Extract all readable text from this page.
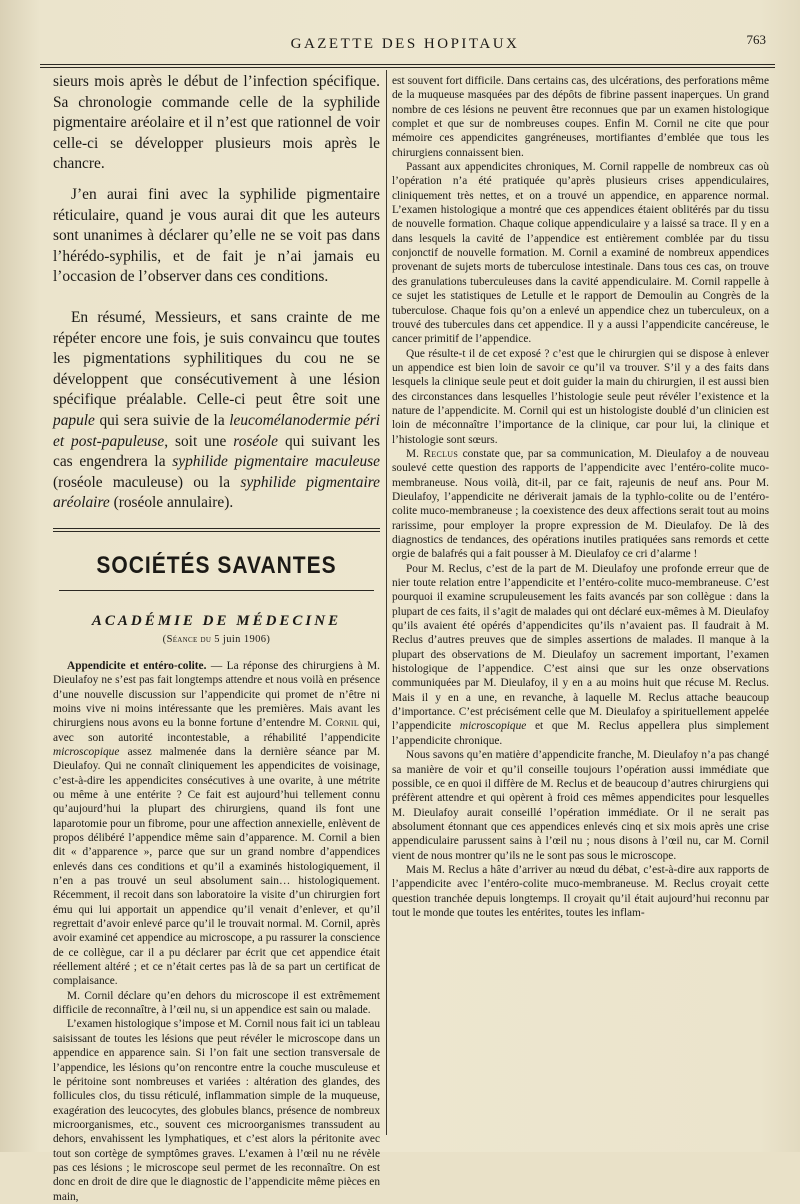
GAZETTE DES HOPITAUX	763

sieurs mois après le début de l’infection spécifique. Sa chronologie commande celle de la syphilide pigmentaire aréolaire et il n’est que rationnel de voir celle-ci se développer plusieurs mois après le chancre.

J’en aurai fini avec la syphilide pigmentaire réticulaire, quand je vous aurai dit que les auteurs sont unanimes à déclarer qu’elle ne se voit pas dans l’hérédo-syphilis, et de fait je n’ai jamais eu l’occasion de l’observer dans ces conditions.

En résumé, Messieurs, et sans crainte de me répéter encore une fois, je suis convaincu que toutes les pigmentations syphilitiques du cou ne se développent que consécutivement à une lésion spécifique préalable. Celle-ci peut être soit une papule qui sera suivie de la leucomélanodermie péri et post-papuleuse, soit une roséole qui suivant les cas engendrera la syphilide pigmentaire maculeuse (roséole maculeuse) ou la syphilide pigmentaire aréolaire (roséole annulaire).

SOCIÉTÉS SAVANTES
ACADÉMIE DE MÉDECINE
(Séance du 5 juin 1906)

Appendicite et entéro-colite. — La réponse des chirurgiens à M. Dieulafoy ne s’est pas fait longtemps attendre et nous voilà en présence d’une nouvelle discussion sur l’appendicite qui promet de n’être ni moins vive ni moins intéressante que les premières. Mais avant les chirurgiens nous avons eu la bonne fortune d’entendre M. Cornil qui, avec son autorité incontestable, a réhabilité l’appendicite microscopique assez malmenée dans la dernière séance par M. Dieulafoy. Qui ne connaît cliniquement les appendicites de voisinage, c’est-à-dire les appendicites consécutives à une ovarite, à une métrite ou même à une entérite ? Ce fait est aujourd’hui tellement connu qu’aujourd’hui la plupart des chirurgiens, quand ils font une laparotomie pour un fibrome, pour une affection annexielle, enlèvent de propos délibéré l’appendice même sain d’apparence. M. Cornil a bien dit « d’apparence », parce que sur un grand nombre d’appendices enlevés dans ces conditions et qu’il a examinés histologiquement, il n’en a pas trouvé un seul absolument sain… histologiquement. Récemment, il recoit dans son laboratoire la visite d’un chirurgien fort ému qui lui apportait un appendice qu’il venait d’enlever, et qu’il regrettait d’avoir enlevé parce qu’il le trouvait normal. M. Cornil, après avoir examiné cet appendice au microscope, a pu rassurer la conscience de ce collègue, car il a pu déclarer par écrit que cet appendice était réellement altéré ; et ce n’était certes pas là de sa part un certificat de complaisance.

M. Cornil déclare qu’en dehors du microscope il est extrêmement difficile de reconnaître, à l’œil nu, si un appendice est sain ou malade.

L’examen histologique s’impose et M. Cornil nous fait ici un tableau saisissant de toutes les lésions que peut révéler le microscope dans un appendice en apparence sain. Si l’on fait une section transversale de l’appendice, les lésions qu’on rencontre entre la couche musculeuse et le péritoine sont nombreuses et variées : altération des glandes, des follicules clos, du tissu réticulé, inflammation simple de la muqueuse, exagération des leucocytes, des globules blancs, présence de nombreux microorganismes, etc., souvent ces microorganismes transsudent au dehors, envahissent les lymphatiques, et c’est alors la péritonite avec tout son cortège de symptômes graves. L’examen à l’œil nu ne révèle pas ces lésions ; le microscope seul permet de les reconnaître. On est donc en droit de dire que le diagnostic de l’appendicite même pièces en main,

est souvent fort difficile. Dans certains cas, des ulcérations, des perforations même de la muqueuse masquées par des dépôts de fibrine passent inaperçues. Un grand nombre de ces lésions ne peuvent être reconnues que par un examen histologique complet et que sur de nombreuses coupes. Enfin M. Cornil ne cite que pour mémoire ces appendicites gangréneuses, mortifiantes d’emblée que tous les chirurgiens connaissent bien.

Passant aux appendicites chroniques, M. Cornil rappelle de nombreux cas où l’opération n’a été pratiquée qu’après plusieurs crises appendiculaires, cliniquement très nettes, et on a trouvé un appendice, en apparence normal. L’examen histologique a montré que ces appendices étaient oblitérés par du tissu de nouvelle formation. Chaque colique appendiculaire y a laissé sa trace. Il y en a dans lesquels la cavité de l’appendice est entièrement comblée par du tissu conjonctif de nouvelle formation. M. Cornil a examiné de nombreux appendices provenant de sujets morts de tuberculose intestinale. Dans tous ces cas, on trouve des granulations tuberculeuses dans la cavité appendiculaire. M. Cornil rappelle à ce sujet les statistiques de Letulle et le rapport de Demoulin au Congrès de la tuberculose. Chaque fois qu’on a enlevé un appendice chez un tuberculeux, on a trouvé des tubercules dans cet appendice. Il y a aussi l’appendicite cancéreuse, le cancer primitif de l’appendice.

Que résulte-t il de cet exposé ? c’est que le chirurgien qui se dispose à enlever un appendice est bien loin de savoir ce qu’il va trouver. S’il y a des faits dans lesquels la clinique seule peut et doit guider la main du chirurgien, il est aussi bien des circonstances dans lesquelles l’histologie seule peut révéler l’existence et la nature de l’appendicite. M. Cornil qui est un histologiste doublé d’un clinicien est loin de méconnaître l’importance de la clinique, car pour lui, la clinique et l’histologie sont sœurs.

M. Reclus constate que, par sa communication, M. Dieulafoy a de nouveau soulevé cette question des rapports de l’appendicite avec l’entéro-colite muco-membraneuse. Nous voilà, dit-il, par ce fait, rajeunis de neuf ans. Pour M. Dieulafoy, l’appendicite ne dériverait jamais de la typhlo-colite ou de l’entéro-colite muco-membraneuse ; la coexistence des deux affections serait tout au moins rarissime, pour employer la propre expression de M. Dieulafoy. De là des diagnostics de tendances, des opérations inutiles pratiquées sans remords et cette orgie de balafrés qui a fait pousser à M. Dieulafoy ce cri d’alarme !

Pour M. Reclus, c’est de la part de M. Dieulafoy une profonde erreur que de nier toute relation entre l’appendicite et l’entéro-colite muco-membraneuse. C’est pourquoi il examine scrupuleusement les faits avancés par son collègue : dans la plupart de ces faits, il s’agit de malades qui ont déclaré eux-mêmes à M. Dieulafoy qu’ils avaient été opérés d’appendicites qu’ils n’avaient pas. Il faudrait à M. Reclus d’autres preuves que de simples assertions de malades. Il manque à la plupart des observations de M. Dieulafoy un sacrement important, l’examen histologique de l’appendice. C’est ainsi que sur les onze observations communiquées par M. Dieulafoy, il y en a au moins huit que récuse M. Reclus. Mais il y en a une, en revanche, à laquelle M. Reclus attache beaucoup d’importance. C’est précisément celle que M. Dieulafoy a spirituellement appelée l’appendicite microscopique et que M. Reclus appellera plus simplement l’appendicite chronique.

Nous savons qu’en matière d’appendicite franche, M. Dieulafoy n’a pas changé sa manière de voir et qu’il conseille toujours l’opération aussi immédiate que possible, ce en quoi il diffère de M. Reclus et de beaucoup d’autres chirurgiens qui préfèrent attendre et qui opèrent à froid ces mêmes appendicites pour lesquelles M. Dieulafoy aurait conseillé l’opération immédiate. Or il ne serait pas absolument étonnant que ces appendices enlevés cinq et six mois après une crise appendiculaire parussent sains à l’œil nu ; nous disons à l’œil nu, car M. Cornil vient de nous montrer qu’ils ne le sont pas sous le microscope.

Mais M. Reclus a hâte d’arriver au nœud du débat, c’est-à-dire aux rapports de l’appendicite avec l’entéro-colite muco-membraneuse. M. Reclus croyait cette question tranchée depuis longtemps. Il croyait qu’il était aujourd’hui reconnu par tout le monde que toutes les entérites, toutes les inflam-
